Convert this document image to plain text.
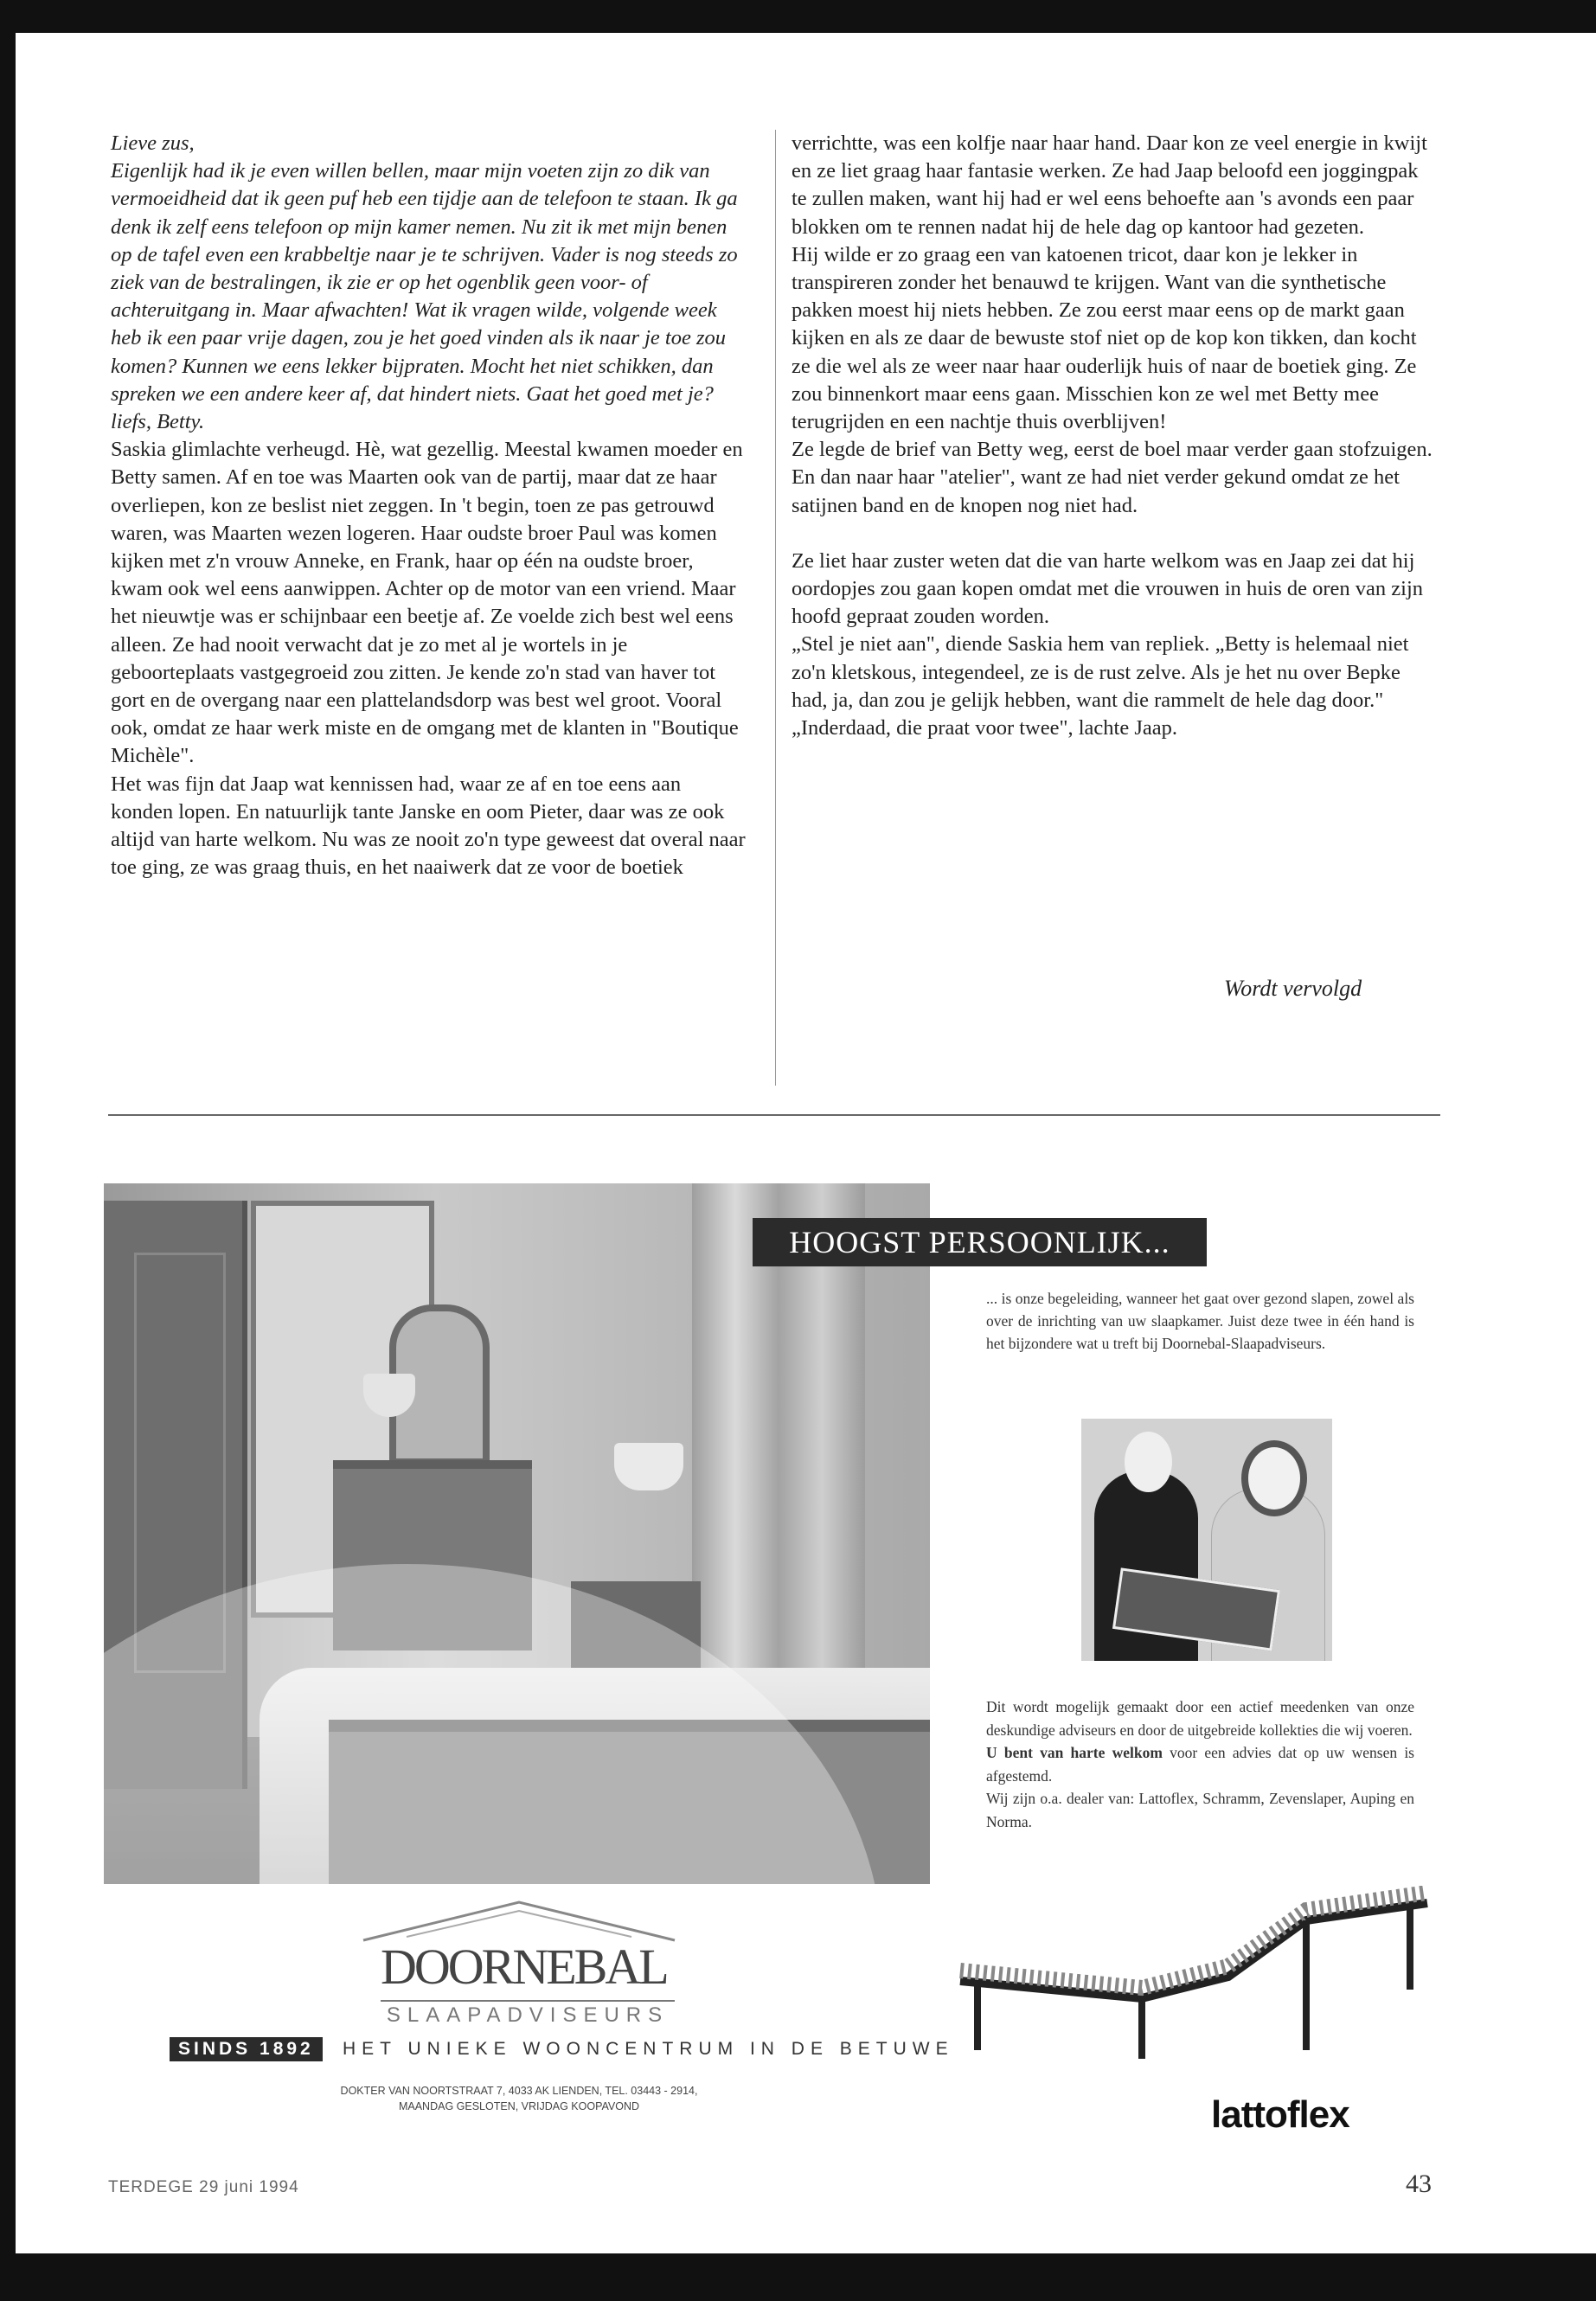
Lieve zus,

Eigenlijk had ik je even willen bellen, maar mijn voeten zijn zo dik van vermoeidheid dat ik geen puf heb een tijdje aan de telefoon te staan. Ik ga denk ik zelf eens telefoon op mijn kamer nemen. Nu zit ik met mijn benen op de tafel even een krabbeltje naar je te schrijven. Vader is nog steeds zo ziek van de bestralingen, ik zie er op het ogenblik geen voor- of achteruitgang in. Maar afwachten! Wat ik vragen wilde, volgende week heb ik een paar vrije dagen, zou je het goed vinden als ik naar je toe zou komen? Kunnen we eens lekker bijpraten. Mocht het niet schikken, dan spreken we een andere keer af, dat hindert niets. Gaat het goed met je?

liefs, Betty.

Saskia glimlachte verheugd. Hè, wat gezellig. Meestal kwamen moeder en Betty samen. Af en toe was Maarten ook van de partij, maar dat ze haar overliepen, kon ze beslist niet zeggen. In 't begin, toen ze pas getrouwd waren, was Maarten wezen logeren. Haar oudste broer Paul was komen kijken met z'n vrouw Anneke, en Frank, haar op één na oudste broer, kwam ook wel eens aanwippen. Achter op de motor van een vriend. Maar het nieuwtje was er schijnbaar een beetje af. Ze voelde zich best wel eens alleen. Ze had nooit verwacht dat je zo met al je wortels in je geboorteplaats vastgegroeid zou zitten. Je kende zo'n stad van haver tot gort en de overgang naar een plattelandsdorp was best wel groot. Vooral ook, omdat ze haar werk miste en de omgang met de klanten in "Boutique Michèle".

Het was fijn dat Jaap wat kennissen had, waar ze af en toe eens aan konden lopen. En natuurlijk tante Janske en oom Pieter, daar was ze ook altijd van harte welkom. Nu was ze nooit zo'n type geweest dat overal naar toe ging, ze was graag thuis, en het naaiwerk dat ze voor de boetiek

verrichtte, was een kolfje naar haar hand. Daar kon ze veel energie in kwijt en ze liet graag haar fantasie werken. Ze had Jaap beloofd een joggingpak te zullen maken, want hij had er wel eens behoefte aan 's avonds een paar blokken om te rennen nadat hij de hele dag op kantoor had gezeten.

Hij wilde er zo graag een van katoenen tricot, daar kon je lekker in transpireren zonder het benauwd te krijgen. Want van die synthetische pakken moest hij niets hebben. Ze zou eerst maar eens op de markt gaan kijken en als ze daar de bewuste stof niet op de kop kon tikken, dan kocht ze die wel als ze weer naar haar ouderlijk huis of naar de boetiek ging. Ze zou binnenkort maar eens gaan. Misschien kon ze wel met Betty mee terugrijden en een nachtje thuis overblijven!

Ze legde de brief van Betty weg, eerst de boel maar verder gaan stofzuigen. En dan naar haar "atelier", want ze had niet verder gekund omdat ze het satijnen band en de knopen nog niet had.

Ze liet haar zuster weten dat die van harte welkom was en Jaap zei dat hij oordopjes zou gaan kopen omdat met die vrouwen in huis de oren van zijn hoofd gepraat zouden worden.

„Stel je niet aan", diende Saskia hem van repliek. „Betty is helemaal niet zo'n kletskous, integendeel, ze is de rust zelve. Als je het nu over Bepke had, ja, dan zou je gelijk hebben, want die rammelt de hele dag door."

„Inderdaad, die praat voor twee", lachte Jaap.

Wordt vervolgd
HOOGST PERSOONLIJK...
... is onze begeleiding, wanneer het gaat over gezond slapen, zowel als over de inrichting van uw slaapkamer. Juist deze twee in één hand is het bijzondere wat u treft bij Doornebal-Slaapadviseurs.

Dit wordt mogelijk gemaakt door een actief meedenken van onze deskundige adviseurs en door de uitgebreide kollekties die wij voeren.

U bent van harte welkom voor een advies dat op uw wensen is afgestemd.

Wij zijn o.a. dealer van: Lattoflex, Schramm, Zevenslaper, Auping en Norma.

lattoflex
DOORNEBAL
SLAAPADVISEURS
SINDS 1892	HET UNIEKE WOONCENTRUM IN DE BETUWE
DOKTER VAN NOORTSTRAAT 7, 4033 AK LIENDEN, TEL. 03443 - 2914,
MAANDAG GESLOTEN, VRIJDAG KOOPAVOND
TERDEGE 29 juni 1994	43
